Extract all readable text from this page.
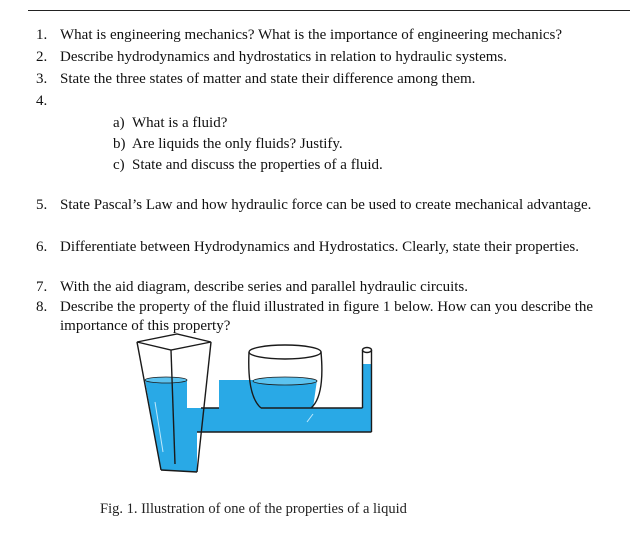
1. What is engineering mechanics? What is the importance of engineering mechanics?
2. Describe hydrodynamics and hydrostatics in relation to hydraulic systems.
3. State the three states of matter and state their difference among them.
4.
a) What is a fluid?
b) Are liquids the only fluids? Justify.
c) State and discuss the properties of a fluid.
5. State Pascal’s Law and how hydraulic force can be used to create mechanical advantage.
6. Differentiate between Hydrodynamics and Hydrostatics. Clearly, state their properties.
7. With the aid diagram, describe series and parallel hydraulic circuits.
8. Describe the property of the fluid illustrated in figure 1 below. How can you describe the importance of this property?
Fig. 1. Illustration of one of the properties of a liquid
